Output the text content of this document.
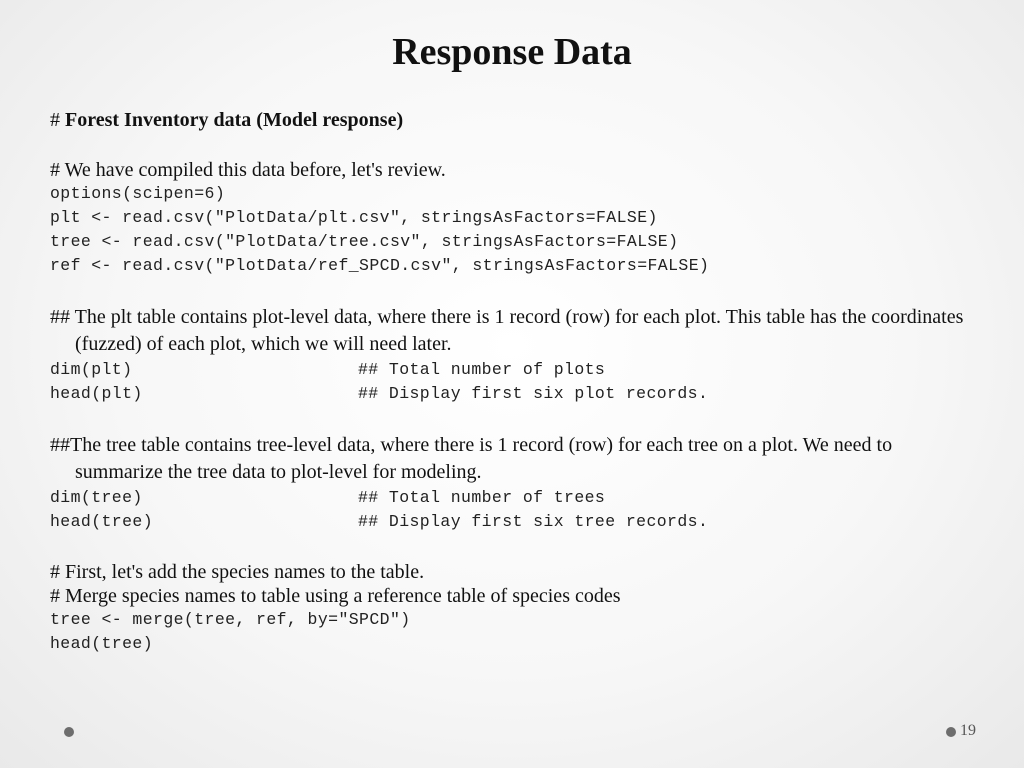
Response Data
# Forest Inventory data (Model response)
# We have compiled this data before, let's review.
options(scipen=6)
plt <- read.csv("PlotData/plt.csv", stringsAsFactors=FALSE)
tree <- read.csv("PlotData/tree.csv", stringsAsFactors=FALSE)
ref <- read.csv("PlotData/ref_SPCD.csv", stringsAsFactors=FALSE)

## The plt table contains plot-level data, where there is 1 record (row) for each plot. This table has the coordinates (fuzzed) of each plot, which we will need later.

dim(plt)	## Total number of plots
head(plt)	## Display first six plot records.

##The tree table contains tree-level data, where there is 1 record (row) for each tree on a plot. We need to summarize the tree data to plot-level for modeling.

dim(tree)	## Total number of trees
head(tree)	## Display first six tree records.
# First, let's add the species names to the table.
# Merge species names to table using a reference table of species codes
tree <- merge(tree, ref, by="SPCD")
head(tree)
19
